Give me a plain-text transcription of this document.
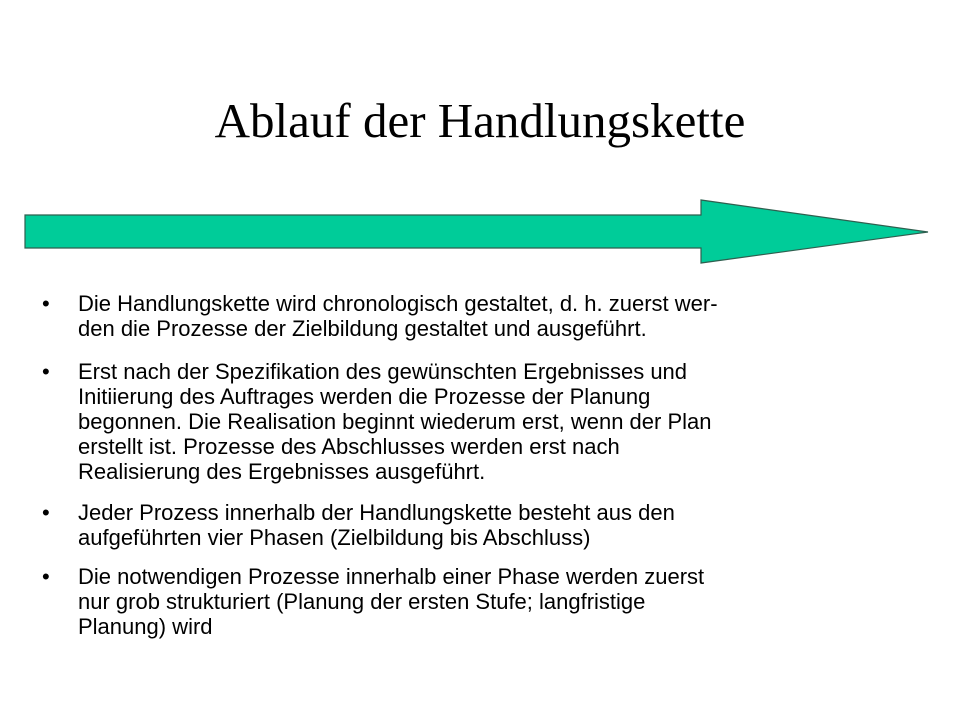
Ablauf der Handlungskette
•	Die Handlungskette wird chronologisch gestaltet, d. h. zuerst wer-
den die Prozesse der Zielbildung gestaltet und ausgeführt.
•	Erst nach der Spezifikation des gewünschten Ergebnisses und
Initiierung des Auftrages werden die Prozesse der Planung
begonnen. Die Realisation beginnt wiederum erst, wenn der Plan
erstellt ist. Prozesse des Abschlusses werden erst nach
Realisierung des Ergebnisses ausgeführt.
•	Jeder Prozess innerhalb der Handlungskette besteht aus den
aufgeführten vier Phasen (Zielbildung bis Abschluss)
•	Die notwendigen Prozesse innerhalb einer Phase werden zuerst
nur grob strukturiert (Planung der ersten Stufe; langfristige
Planung) wird
